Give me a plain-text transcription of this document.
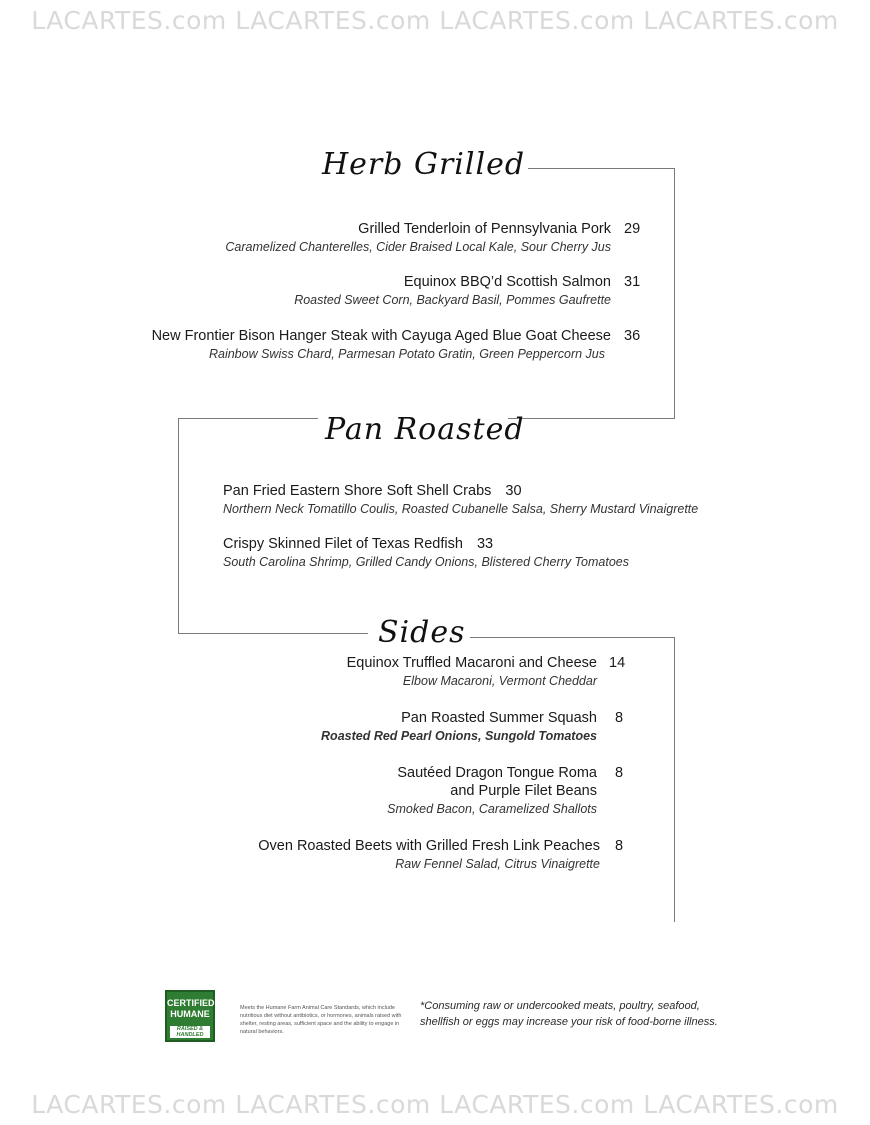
LACARTES.com LACARTES.com LACARTES.com LACARTES.com
LACARTES.com LACARTES.com LACARTES.com LACARTES.com
Herb Grilled
Pan Roasted
Sides
Grilled Tenderloin of Pennsylvania Pork
Caramelized Chanterelles, Cider Braised Local Kale, Sour Cherry Jus
29
Equinox BBQ’d Scottish Salmon
Roasted Sweet Corn, Backyard Basil, Pommes Gaufrette
31
New Frontier Bison Hanger Steak with Cayuga Aged Blue Goat Cheese
Rainbow Swiss Chard, Parmesan Potato Gratin, Green Peppercorn Jus
36
Pan Fried Eastern Shore Soft Shell Crabs 30
Northern Neck Tomatillo Coulis, Roasted Cubanelle Salsa, Sherry Mustard Vinaigrette
Crispy Skinned Filet of Texas Redfish 33
South Carolina Shrimp, Grilled Candy Onions, Blistered Cherry Tomatoes
Equinox Truffled Macaroni and Cheese
Elbow Macaroni, Vermont Cheddar
14
Pan Roasted Summer Squash
Roasted Red Pearl Onions, Sungold Tomatoes
8
Sautéed Dragon Tongue Roma
and Purple Filet Beans
Smoked Bacon, Caramelized Shallots
8
Oven Roasted Beets with Grilled Fresh Link Peaches
Raw Fennel Salad, Citrus Vinaigrette
8
CERTIFIED
HUMANE
RAISED & HANDLED
Meets the Humane Farm Animal Care Standards, which include nutritious diet without antibiotics, or hormones, animals raised with shelter, resting areas, sufficient space and the ability to engage in natural behaviors.
*Consuming raw or undercooked meats, poultry, seafood, shellfish or eggs may increase your risk of food-borne illness.
